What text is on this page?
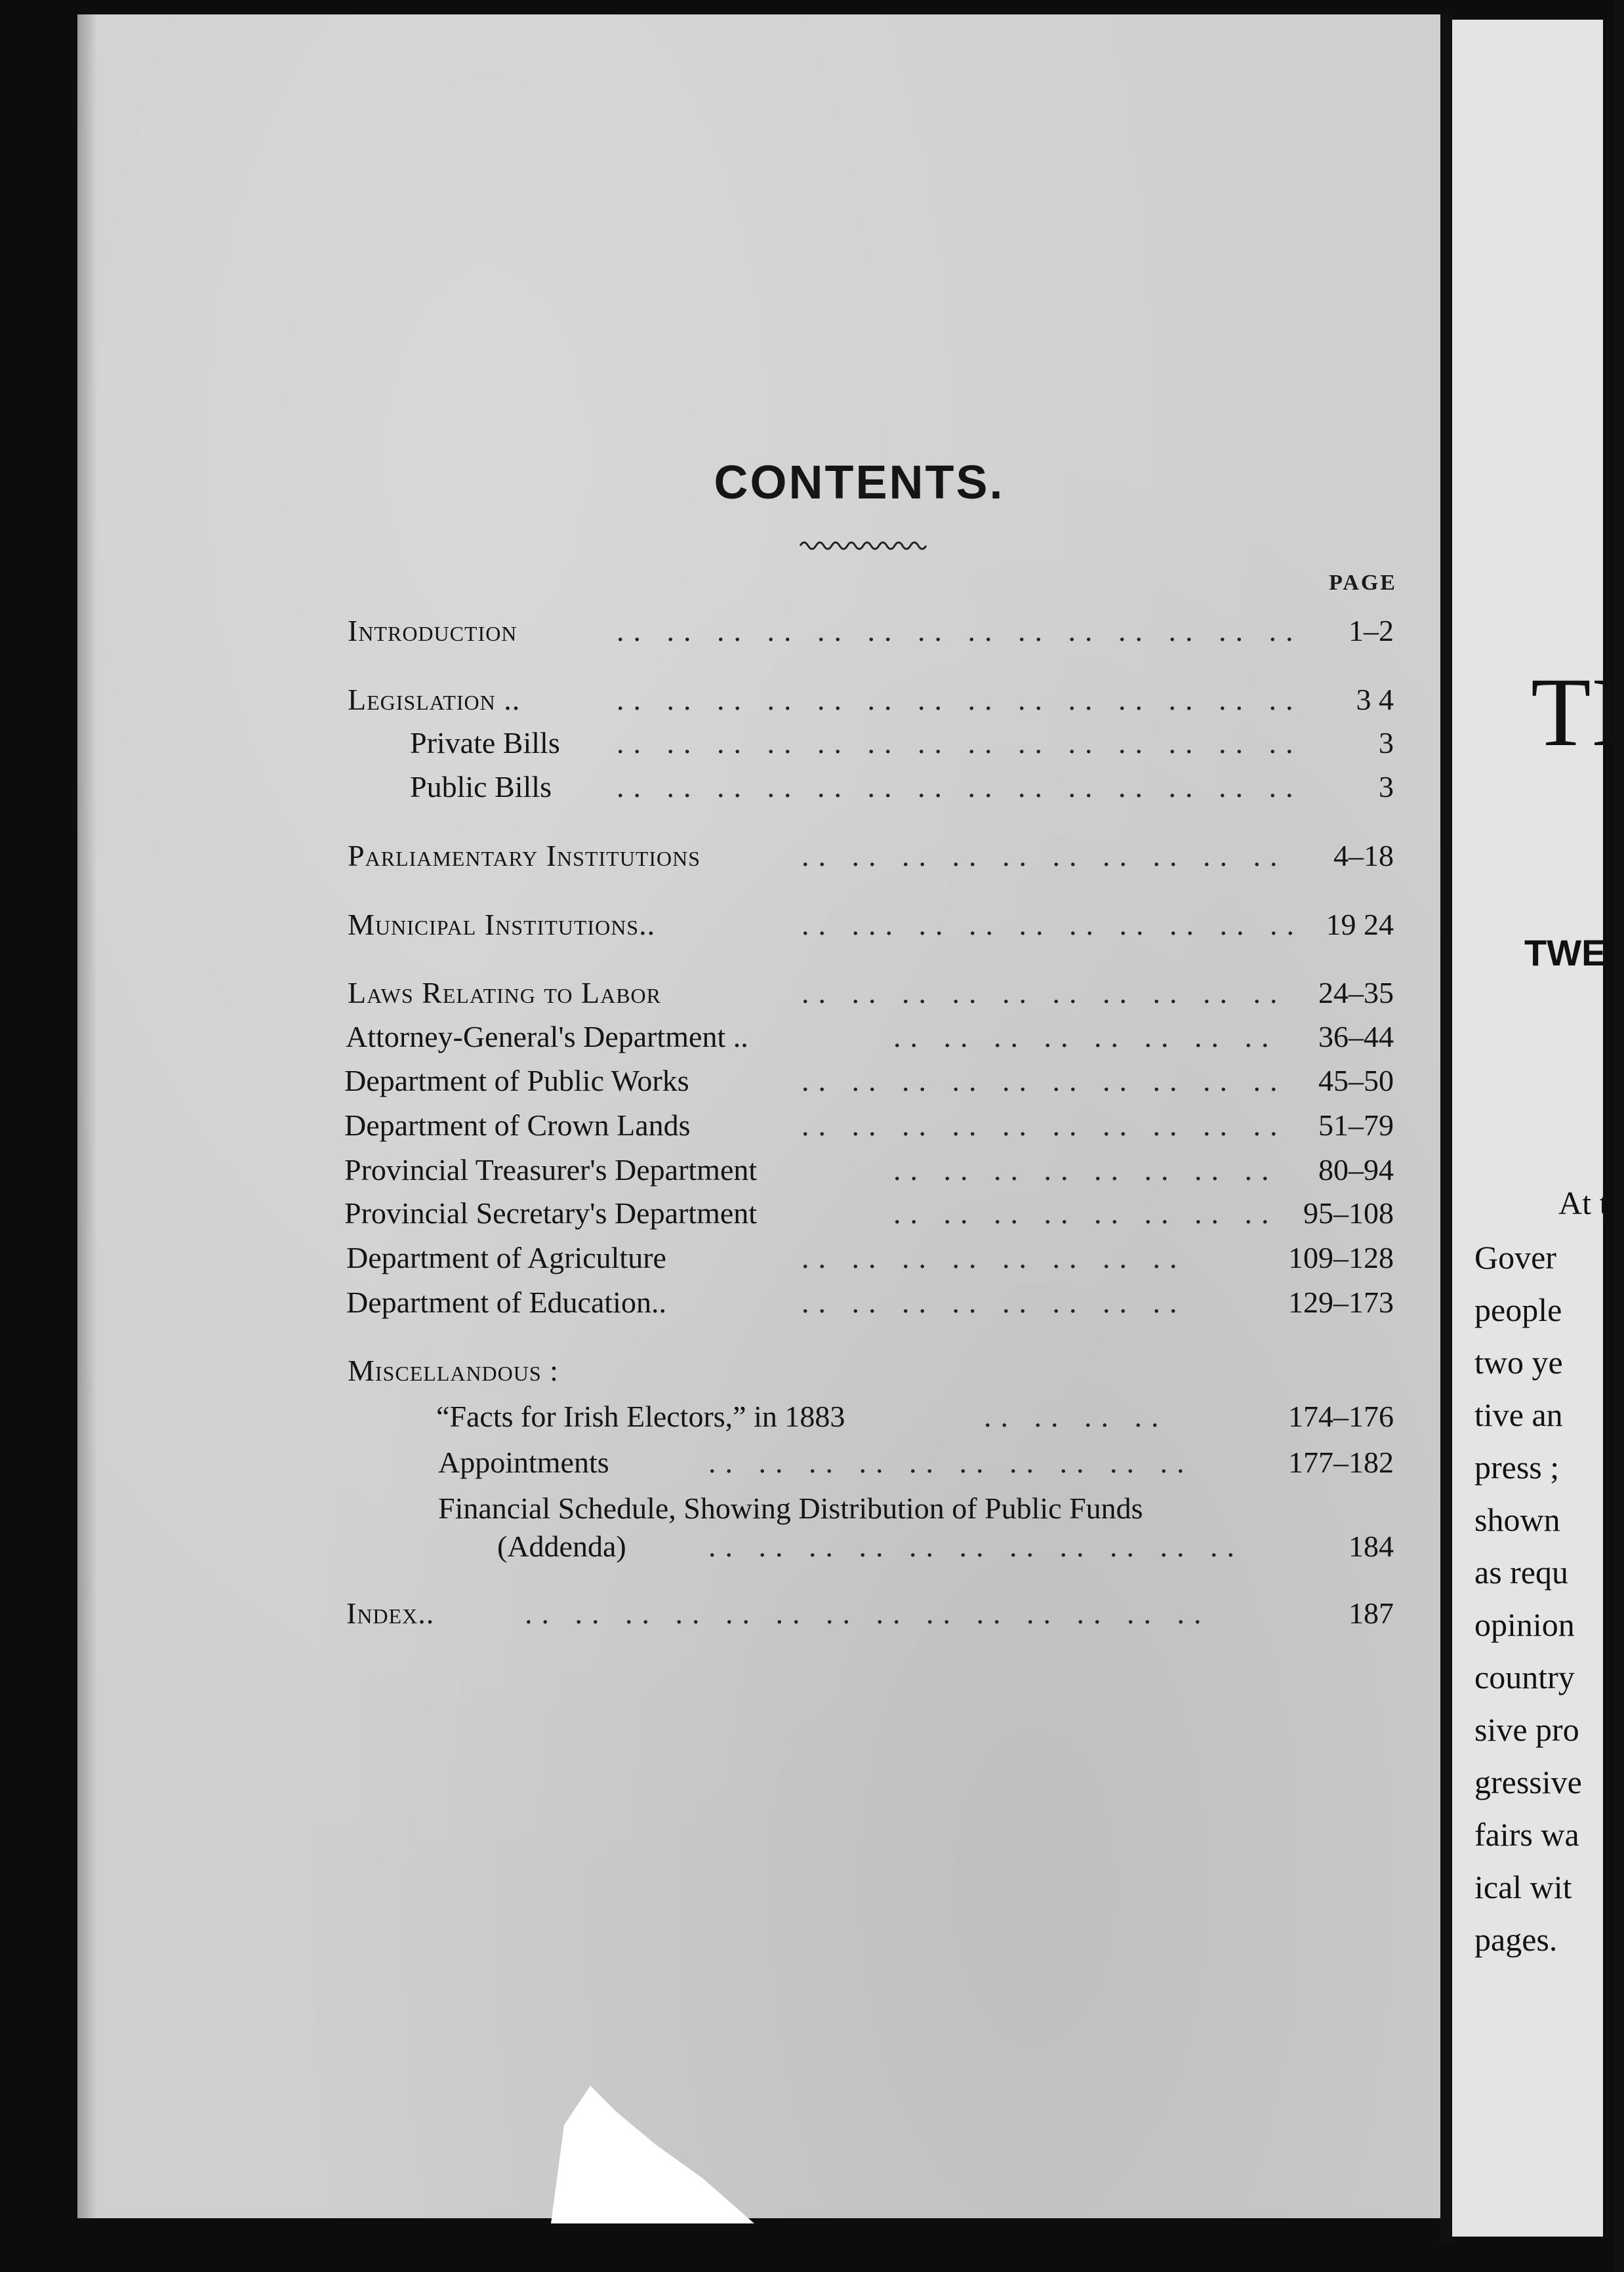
TI
TWE
At t
Gover
people
two ye
tive an
press ;
shown
as requ
opinion
country
sive pro
gressive
fairs wa
ical wit
pages.
CONTENTS.
PAGE
Introduction	.. .. .. .. .. .. .. .. .. .. .. .. .. .. 1–2
Legislation ..	.. .. .. .. .. .. .. .. .. .. .. .. .. .. 3 4
Private Bills .. .. .. .. .. .. .. .. .. .. .. .. .. ..	3
Public Bills .. .. .. .. .. .. .. .. .. .. .. .. .. ..	3
Parliamentary Institutions	.. .. .. .. .. .. .. .. .. .. 4–18
Municipal Institutions..	.. ... .. .. .. .. .. .. .. .. 19 24
Laws Relating to Labor	.. .. .. .. .. .. .. .. .. .. 24–35
Attorney-General's Department ..	.. .. .. .. .. .. .. .. 36–44
Department of Public Works	.. .. .. .. .. .. .. .. .. .. 45–50
Department of Crown Lands	.. .. .. .. .. .. .. .. .. .. 51–79
Provincial Treasurer's Department	.. .. .. .. .. .. .. .. 80–94
Provincial Secretary's Department	.. .. .. .. .. .. .. .. 95–108
Department of Agriculture	.. .. .. .. .. .. .. ..	109–128
Department of Education..	.. .. .. .. .. .. .. ..	129–173
Miscellandous :
“Facts for Irish Electors,” in 1883	.. .. .. ..	174–176
Appointments	.. .. .. .. .. .. .. .. .. ..	177–182
Financial Schedule, Showing Distribution of Public Funds
(Addenda)	.. .. .. .. .. .. .. .. .. .. ..	184
Index..	.. .. .. .. .. .. .. .. .. .. .. .. .. ..	187
